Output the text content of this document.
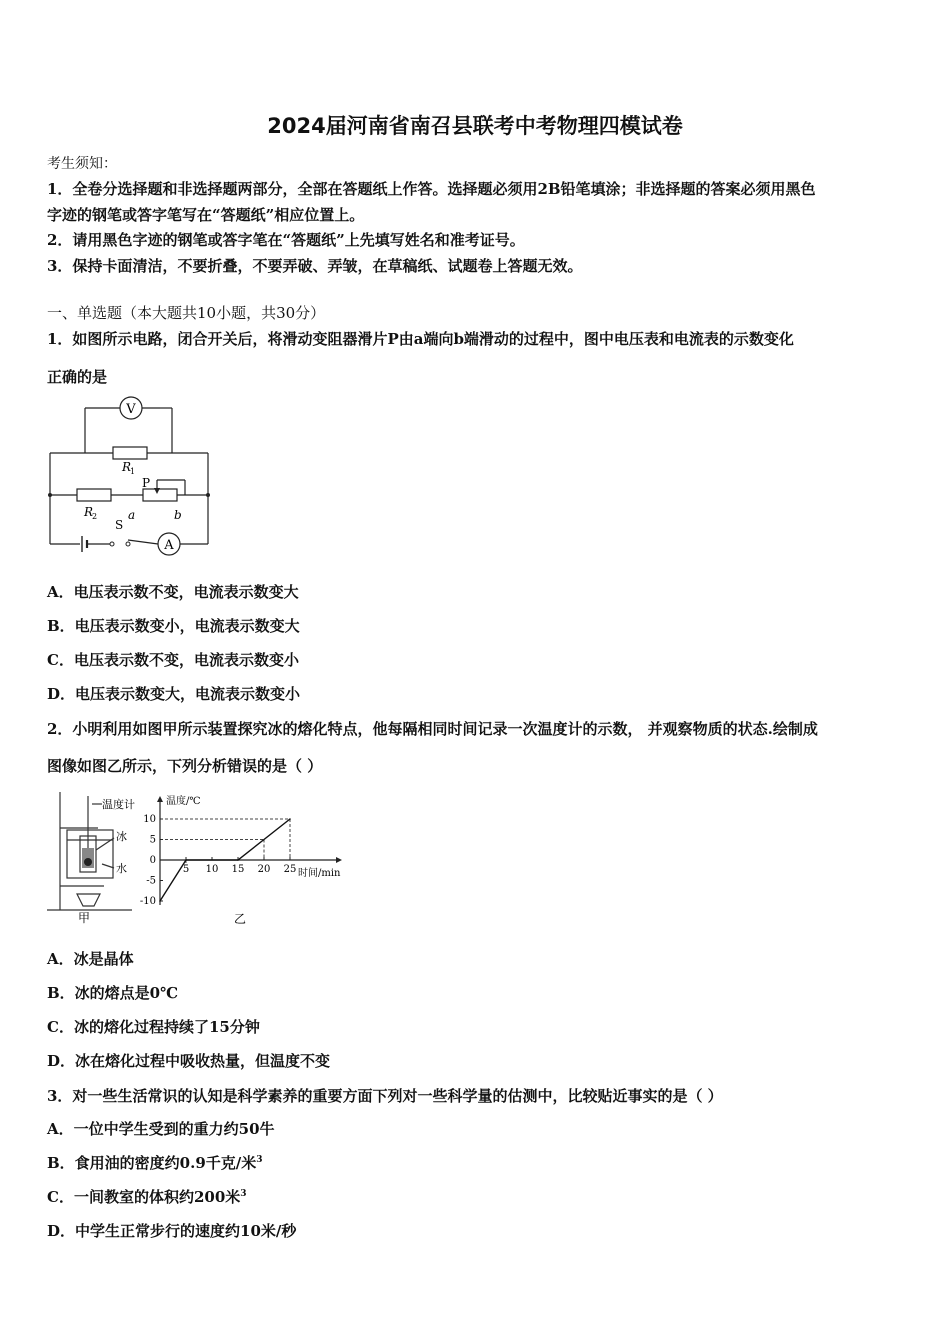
2024届河南省南召县联考中考物理四模试卷
考生须知：
1．全卷分选择题和非选择题两部分，全部在答题纸上作答。选择题必须用2B铅笔填涂；非选择题的答案必须用黑色
字迹的钢笔或答字笔写在“答题纸”相应位置上。
2．请用黑色字迹的钢笔或答字笔在“答题纸”上先填写姓名和准考证号。
3．保持卡面清洁，不要折叠，不要弄破、弄皱，在草稿纸、试题卷上答题无效。
一、单选题（本大题共10小题，共30分）
1．如图所示电路，闭合开关后，将滑动变阻器滑片P由a端向b端滑动的过程中，图中电压表和电流表的示数变化
正确的是
V
A
R
1
R
2
P
S
a	b
A．电压表示数不变，电流表示数变大
B．电压表示数变小，电流表示数变大
C．电压表示数不变，电流表示数变小
D．电压表示数变大，电流表示数变小
2．小明利用如图甲所示装置探究冰的熔化特点，他每隔相同时间记录一次温度计的示数， 并观察物质的状态.绘制成
图像如图乙所示，下列分析错误的是（ ）
温度计
冰
水
甲
5 10 15 20 25
-10
-5
0
5
10
温度/℃
时间/min
乙
A．冰是晶体
B．冰的熔点是0℃
C．冰的熔化过程持续了15分钟
D．冰在熔化过程中吸收热量，但温度不变
3．对一些生活常识的认知是科学素养的重要方面下列对一些科学量的估测中，比较贴近事实的是（ ）
A．一位中学生受到的重力约50牛
B．食用油的密度约0.9千克/米$^3$
C．一间教室的体积约200米$^3$
D．中学生正常步行的速度约10米/秒
